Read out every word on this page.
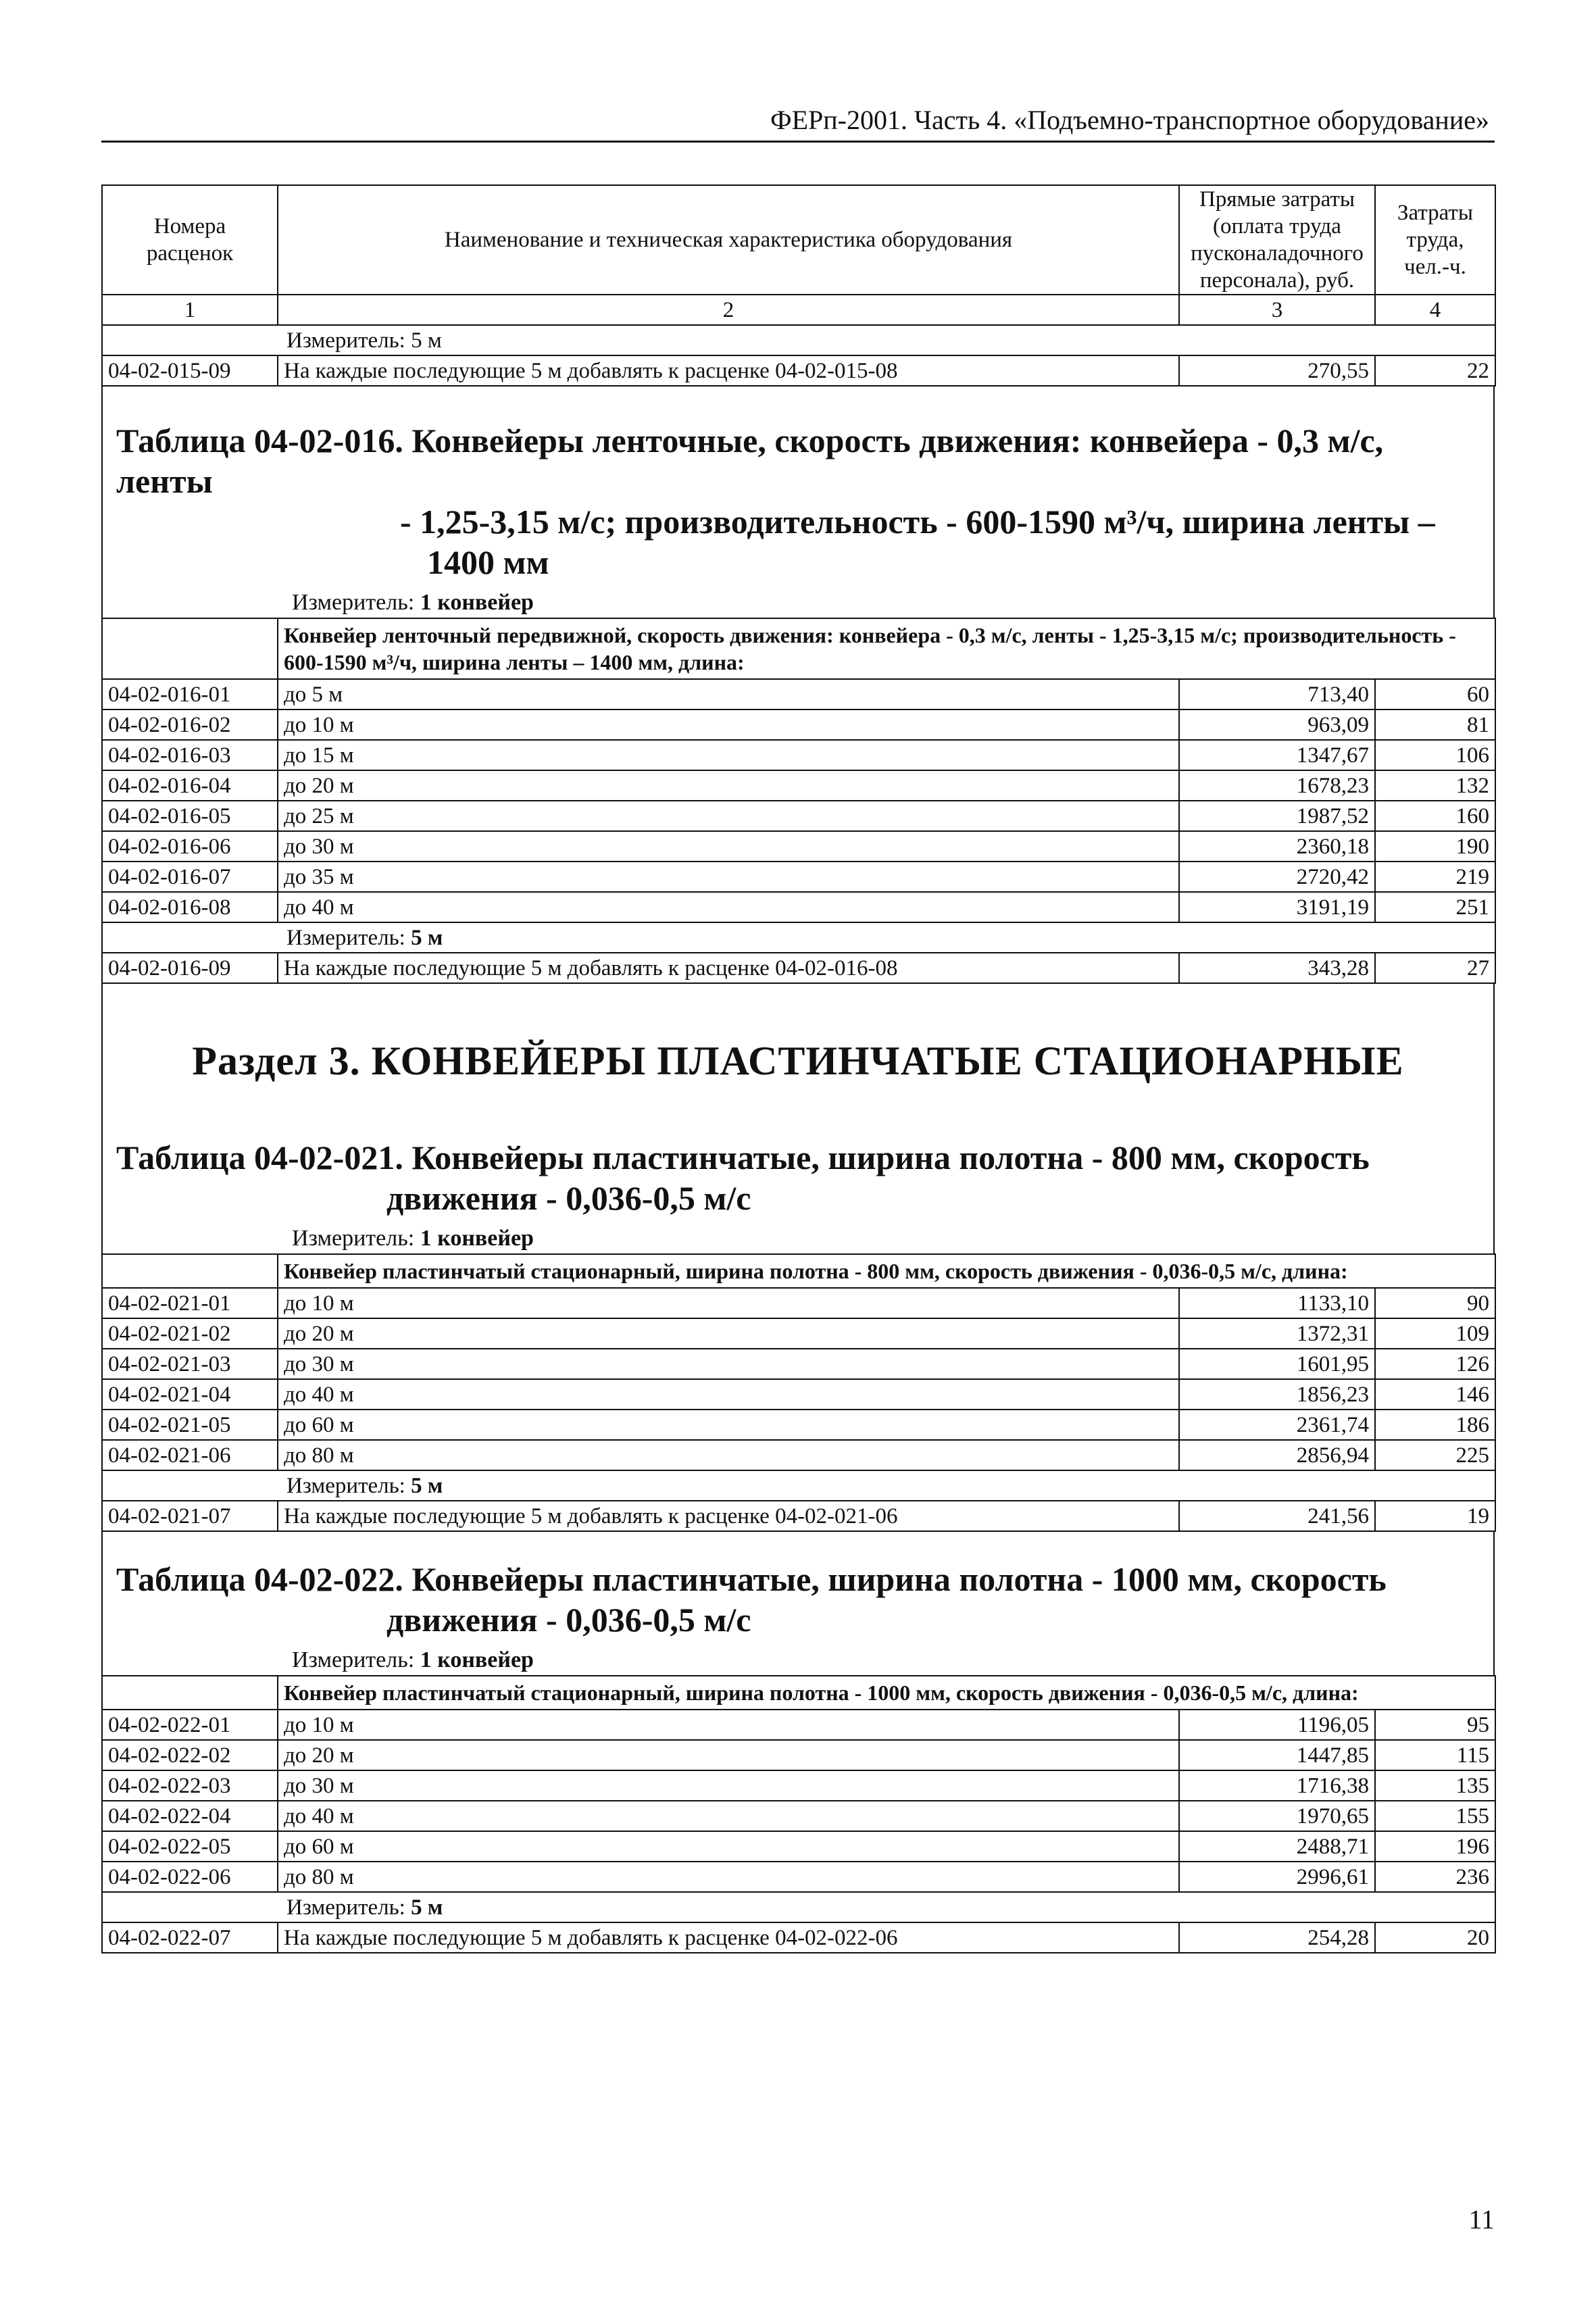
ФЕРп-2001. Часть 4. «Подъемно-транспортное оборудование»
Номера расценок	Наименование и техническая характеристика оборудования	Прямые затраты (оплата труда пусконаладочного персонала), руб.	Затраты труда, чел.-ч.
1	2	3	4
Измеритель: 5 м			
04-02-015-09	На каждые последующие 5 м добавлять к расценке 04-02-015-08	270,55	22
Таблица 04-02-016. Конвейеры ленточные, скорость движения: конвейера - 0,3 м/с, ленты
- 1,25-3,15 м/с; производительность - 600-1590 м³/ч, ширина ленты –
1400 мм
Измеритель: 1 конвейер
	Конвейер ленточный передвижной, скорость движения: конвейера - 0,3 м/с, ленты - 1,25-3,15 м/с; производительность - 600-1590 м³/ч, ширина ленты – 1400 мм, длина:		
04-02-016-01	до 5 м	713,40	60
04-02-016-02	до 10 м	963,09	81
04-02-016-03	до 15 м	1347,67	106
04-02-016-04	до 20 м	1678,23	132
04-02-016-05	до 25 м	1987,52	160
04-02-016-06	до 30 м	2360,18	190
04-02-016-07	до 35 м	2720,42	219
04-02-016-08	до 40 м	3191,19	251
Измеритель: 5 м			
04-02-016-09	На каждые последующие 5 м добавлять к расценке 04-02-016-08	343,28	27
Раздел 3. КОНВЕЙЕРЫ ПЛАСТИНЧАТЫЕ СТАЦИОНАРНЫЕ
Таблица 04-02-021. Конвейеры пластинчатые, ширина полотна - 800 мм, скорость
движения - 0,036-0,5 м/с
Измеритель: 1 конвейер
	Конвейер пластинчатый стационарный, ширина полотна - 800 мм, скорость движения - 0,036-0,5 м/с, длина:		
04-02-021-01	до 10 м	1133,10	90
04-02-021-02	до 20 м	1372,31	109
04-02-021-03	до 30 м	1601,95	126
04-02-021-04	до 40 м	1856,23	146
04-02-021-05	до 60 м	2361,74	186
04-02-021-06	до 80 м	2856,94	225
Измеритель: 5 м			
04-02-021-07	На каждые последующие 5 м добавлять к расценке 04-02-021-06	241,56	19
Таблица 04-02-022. Конвейеры пластинчатые, ширина полотна - 1000 мм, скорость
движения - 0,036-0,5 м/с
Измеритель: 1 конвейер
	Конвейер пластинчатый стационарный, ширина полотна - 1000 мм, скорость движения - 0,036-0,5 м/с, длина:		
04-02-022-01	до 10 м	1196,05	95
04-02-022-02	до 20 м	1447,85	115
04-02-022-03	до 30 м	1716,38	135
04-02-022-04	до 40 м	1970,65	155
04-02-022-05	до 60 м	2488,71	196
04-02-022-06	до 80 м	2996,61	236
Измеритель: 5 м			
04-02-022-07	На каждые последующие 5 м добавлять к расценке 04-02-022-06	254,28	20
11
